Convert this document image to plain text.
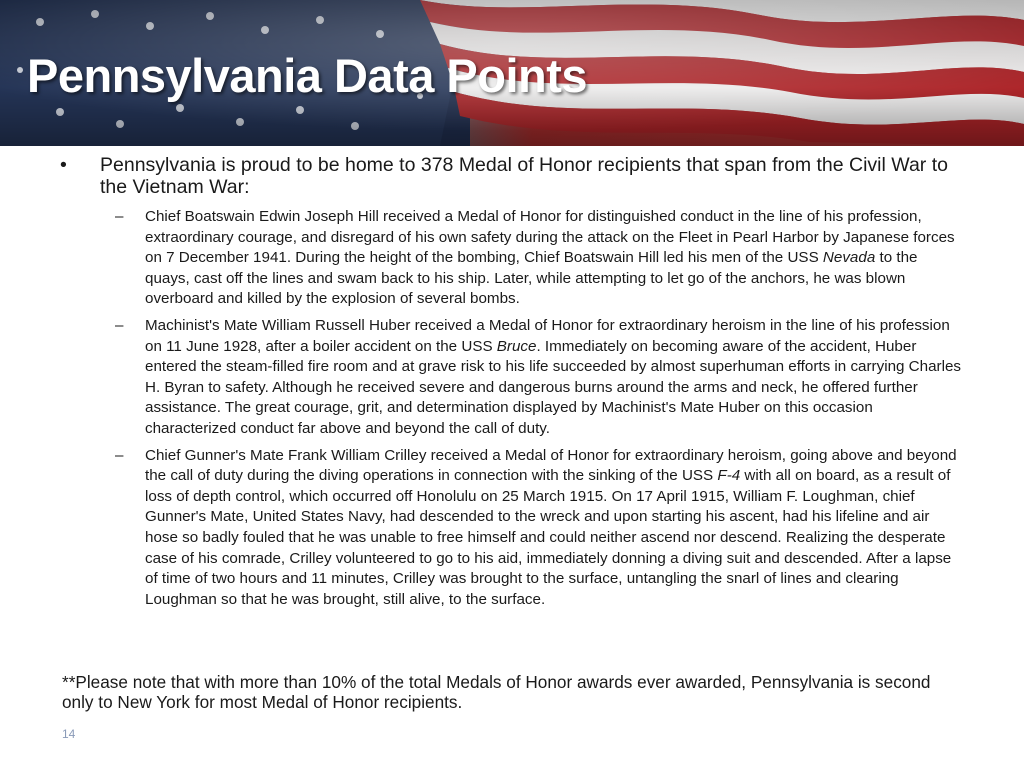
Pennsylvania Data Points
• Pennsylvania is proud to be home to 378 Medal of Honor recipients that span from the Civil War to the Vietnam War:
– Chief Boatswain Edwin Joseph Hill received a Medal of Honor for distinguished conduct in the line of his profession, extraordinary courage, and disregard of his own safety during the attack on the Fleet in Pearl Harbor by Japanese forces on 7 December 1941. During the height of the bombing, Chief Boatswain Hill led his men of the USS Nevada to the quays, cast off the lines and swam back to his ship. Later, while attempting to let go of the anchors, he was blown overboard and killed by the explosion of several bombs.
– Machinist's Mate William Russell Huber received a Medal of Honor for extraordinary heroism in the line of his profession on 11 June 1928, after a boiler accident on the USS Bruce. Immediately on becoming aware of the accident, Huber entered the steam-filled fire room and at grave risk to his life succeeded by almost superhuman efforts in carrying Charles H. Byran to safety. Although he received severe and dangerous burns around the arms and neck, he offered further assistance. The great courage, grit, and determination displayed by Machinist's Mate Huber on this occasion characterized conduct far above and beyond the call of duty.
– Chief Gunner's Mate Frank William Crilley received a Medal of Honor for extraordinary heroism, going above and beyond the call of duty during the diving operations in connection with the sinking of the USS F-4 with all on board, as a result of loss of depth control, which occurred off Honolulu on 25 March 1915. On 17 April 1915, William F. Loughman, chief Gunner's Mate, United States Navy, had descended to the wreck and upon starting his ascent, had his lifeline and air hose so badly fouled that he was unable to free himself and could neither ascend nor descend. Realizing the desperate case of his comrade, Crilley volunteered to go to his aid, immediately donning a diving suit and descended. After a lapse of time of two hours and 11 minutes, Crilley was brought to the surface, untangling the snarl of lines and clearing Loughman so that he was brought, still alive, to the surface.

**Please note that with more than 10% of the total Medals of Honor awards ever awarded, Pennsylvania is second only to New York for most Medal of Honor recipients.

14
